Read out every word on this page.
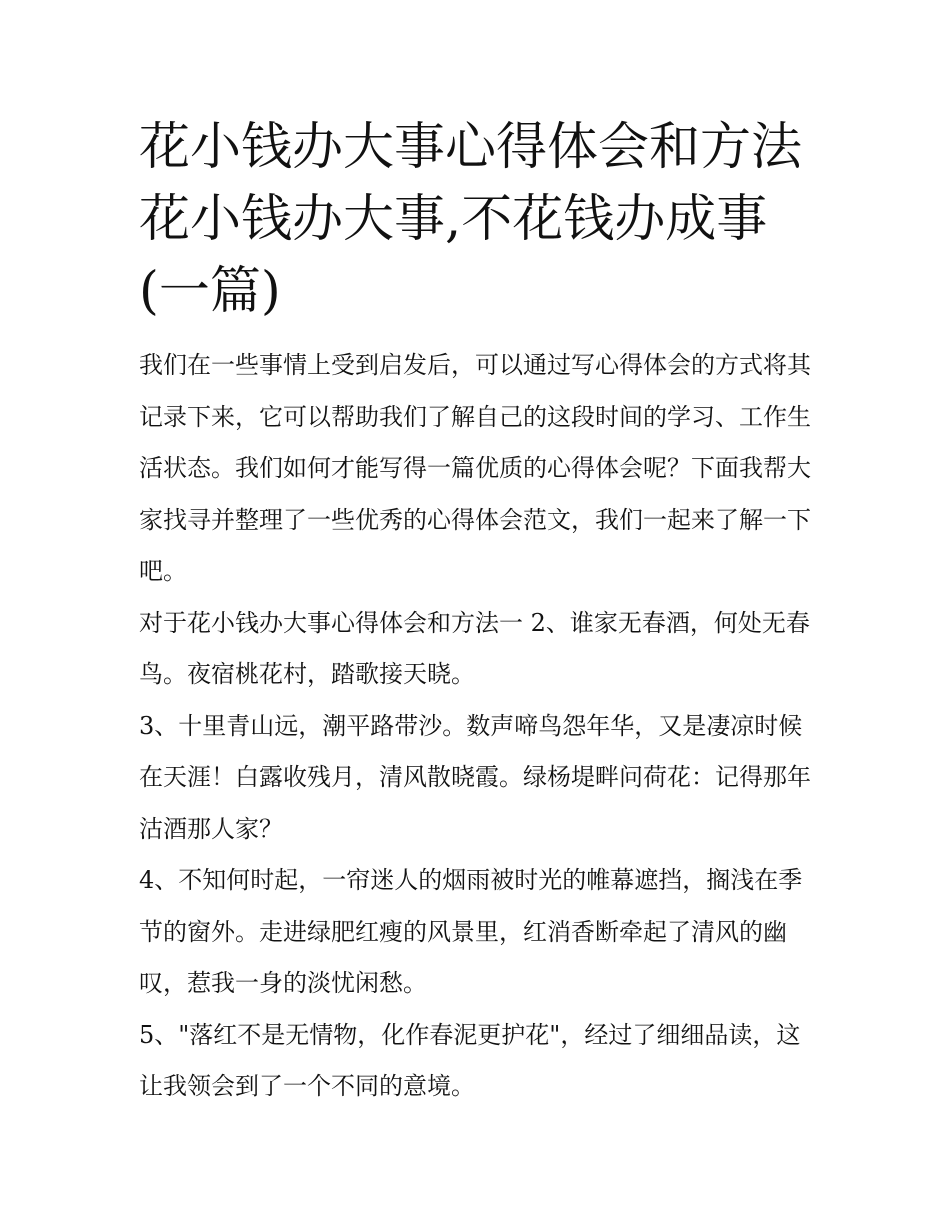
花小钱办大事心得体会和方法花小钱办大事,不花钱办成事(一篇)

我们在一些事情上受到启发后，可以通过写心得体会的方式将其记录下来，它可以帮助我们了解自己的这段时间的学习、工作生活状态。我们如何才能写得一篇优质的心得体会呢？下面我帮大家找寻并整理了一些优秀的心得体会范文，我们一起来了解一下吧。

对于花小钱办大事心得体会和方法一 2、谁家无春酒，何处无春鸟。夜宿桃花村，踏歌接天晓。

3、十里青山远，潮平路带沙。数声啼鸟怨年华，又是凄凉时候在天涯！白露收残月，清风散晓霞。绿杨堤畔问荷花：记得那年沽酒那人家？

4、不知何时起，一帘迷人的烟雨被时光的帷幕遮挡，搁浅在季节的窗外。走进绿肥红瘦的风景里，红消香断牵起了清风的幽叹，惹我一身的淡忧闲愁。

5、"落红不是无情物，化作春泥更护花"，经过了细细品读，这让我领会到了一个不同的意境。
